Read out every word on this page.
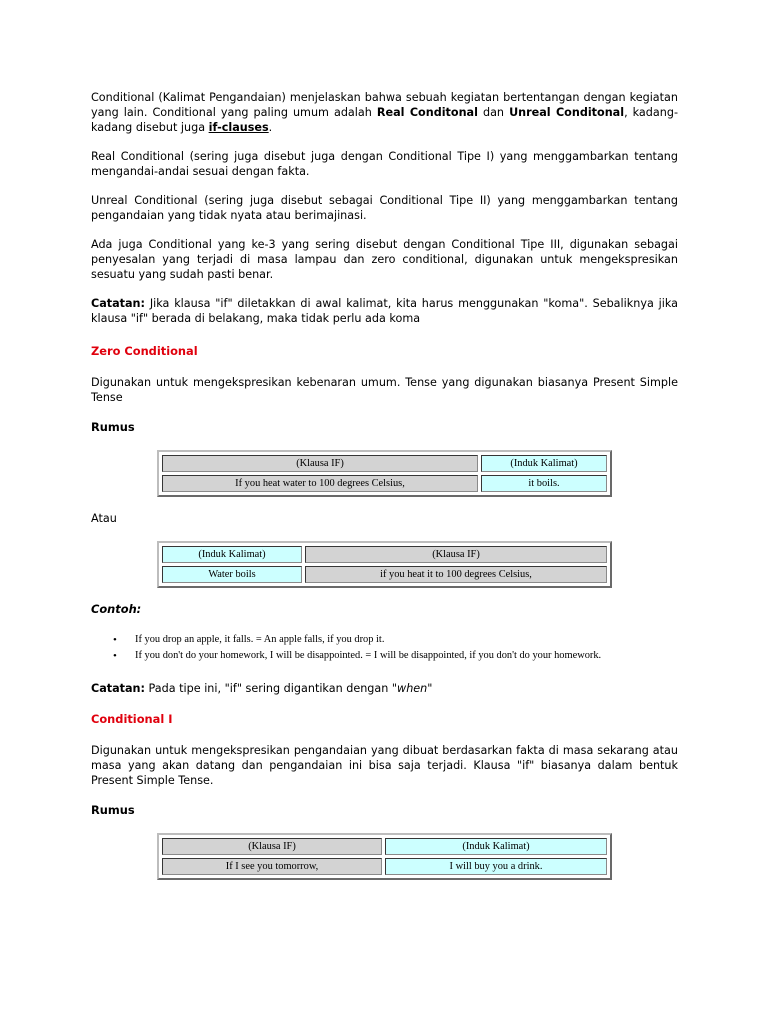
Conditional (Kalimat Pengandaian) menjelaskan bahwa sebuah kegiatan bertentangan dengan kegiatan yang lain. Conditional yang paling umum adalah Real Conditonal dan Unreal Conditonal, kadang-kadang disebut juga if-clauses.

Real Conditional (sering juga disebut juga dengan Conditional Tipe I) yang menggambarkan tentang mengandai-andai sesuai dengan fakta.

Unreal Conditional (sering juga disebut sebagai Conditional Tipe II) yang menggambarkan tentang pengandaian yang tidak nyata atau berimajinasi.

Ada juga Conditional yang ke-3 yang sering disebut dengan Conditional Tipe III, digunakan sebagai penyesalan yang terjadi di masa lampau dan zero conditional, digunakan untuk mengekspresikan sesuatu yang sudah pasti benar.

Catatan: Jika klausa "if" diletakkan di awal kalimat, kita harus menggunakan "koma". Sebaliknya jika klausa "if" berada di belakang, maka tidak perlu ada koma

Zero Conditional

Digunakan untuk mengekspresikan kebenaran umum. Tense yang digunakan biasanya Present Simple Tense

Rumus

(Klausa IF)	(Induk Kalimat)
If you heat water to 100 degrees Celsius,	it boils.

Atau

(Induk Kalimat)	(Klausa IF)
Water boils	if you heat it to 100 degrees Celsius,

Contoh:

• If you drop an apple, it falls. = An apple falls, if you drop it.
• If you don't do your homework, I will be disappointed. = I will be disappointed, if you don't do your homework.

Catatan: Pada tipe ini, "if" sering digantikan dengan "when"

Conditional I

Digunakan untuk mengekspresikan pengandaian yang dibuat berdasarkan fakta di masa sekarang atau masa yang akan datang dan pengandaian ini bisa saja terjadi. Klausa "if" biasanya dalam bentuk Present Simple Tense.

Rumus

(Klausa IF)	(Induk Kalimat)
If I see you tomorrow,	I will buy you a drink.
